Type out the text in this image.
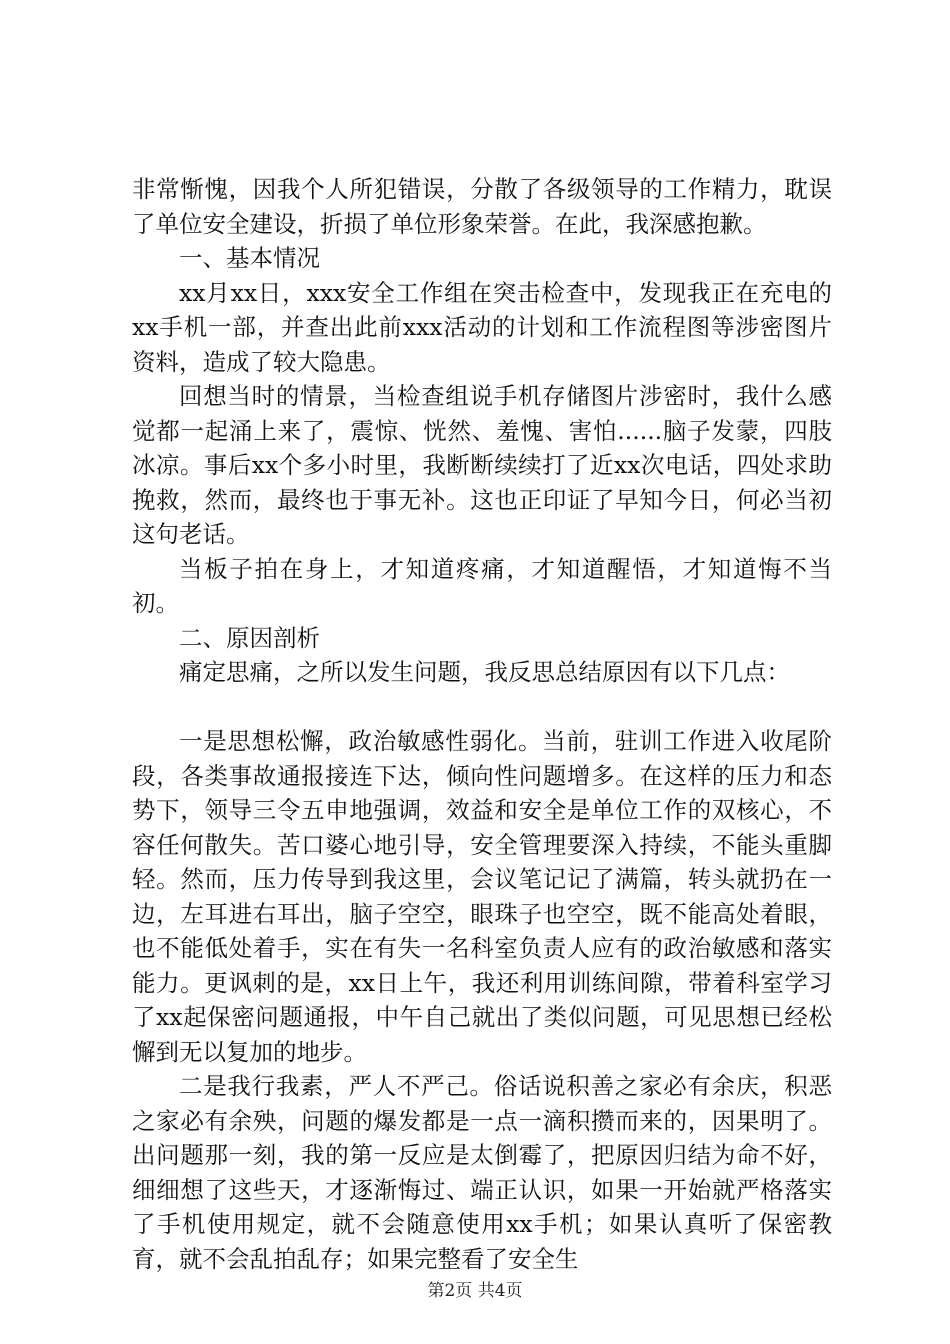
非常惭愧，因我个人所犯错误，分散了各级领导的工作精力，耽误了单位安全建设，折损了单位形象荣誉。在此，我深感抱歉。

一、基本情况

xx月xx日，xxx安全工作组在突击检查中，发现我正在充电的xx手机一部，并查出此前xxx活动的计划和工作流程图等涉密图片资料，造成了较大隐患。

回想当时的情景，当检查组说手机存储图片涉密时，我什么感觉都一起涌上来了，震惊、恍然、羞愧、害怕......脑子发蒙，四肢冰凉。事后xx个多小时里，我断断续续打了近xx次电话，四处求助挽救，然而，最终也于事无补。这也正印证了早知今日，何必当初这句老话。

当板子拍在身上，才知道疼痛，才知道醒悟，才知道悔不当初。

二、原因剖析

痛定思痛，之所以发生问题，我反思总结原因有以下几点：

一是思想松懈，政治敏感性弱化。当前，驻训工作进入收尾阶段，各类事故通报接连下达，倾向性问题增多。在这样的压力和态势下，领导三令五申地强调，效益和安全是单位工作的双核心，不容任何散失。苦口婆心地引导，安全管理要深入持续，不能头重脚轻。然而，压力传导到我这里，会议笔记记了满篇，转头就扔在一边，左耳进右耳出，脑子空空，眼珠子也空空，既不能高处着眼，也不能低处着手，实在有失一名科室负责人应有的政治敏感和落实能力。更讽刺的是，xx日上午，我还利用训练间隙，带着科室学习了xx起保密问题通报，中午自己就出了类似问题，可见思想已经松懈到无以复加的地步。

二是我行我素，严人不严己。俗话说积善之家必有余庆，积恶之家必有余殃，问题的爆发都是一点一滴积攒而来的，因果明了。出问题那一刻，我的第一反应是太倒霉了，把原因归结为命不好，细细想了这些天，才逐渐悔过、端正认识，如果一开始就严格落实了手机使用规定，就不会随意使用xx手机；如果认真听了保密教育，就不会乱拍乱存；如果完整看了安全生

第2页 共4页
